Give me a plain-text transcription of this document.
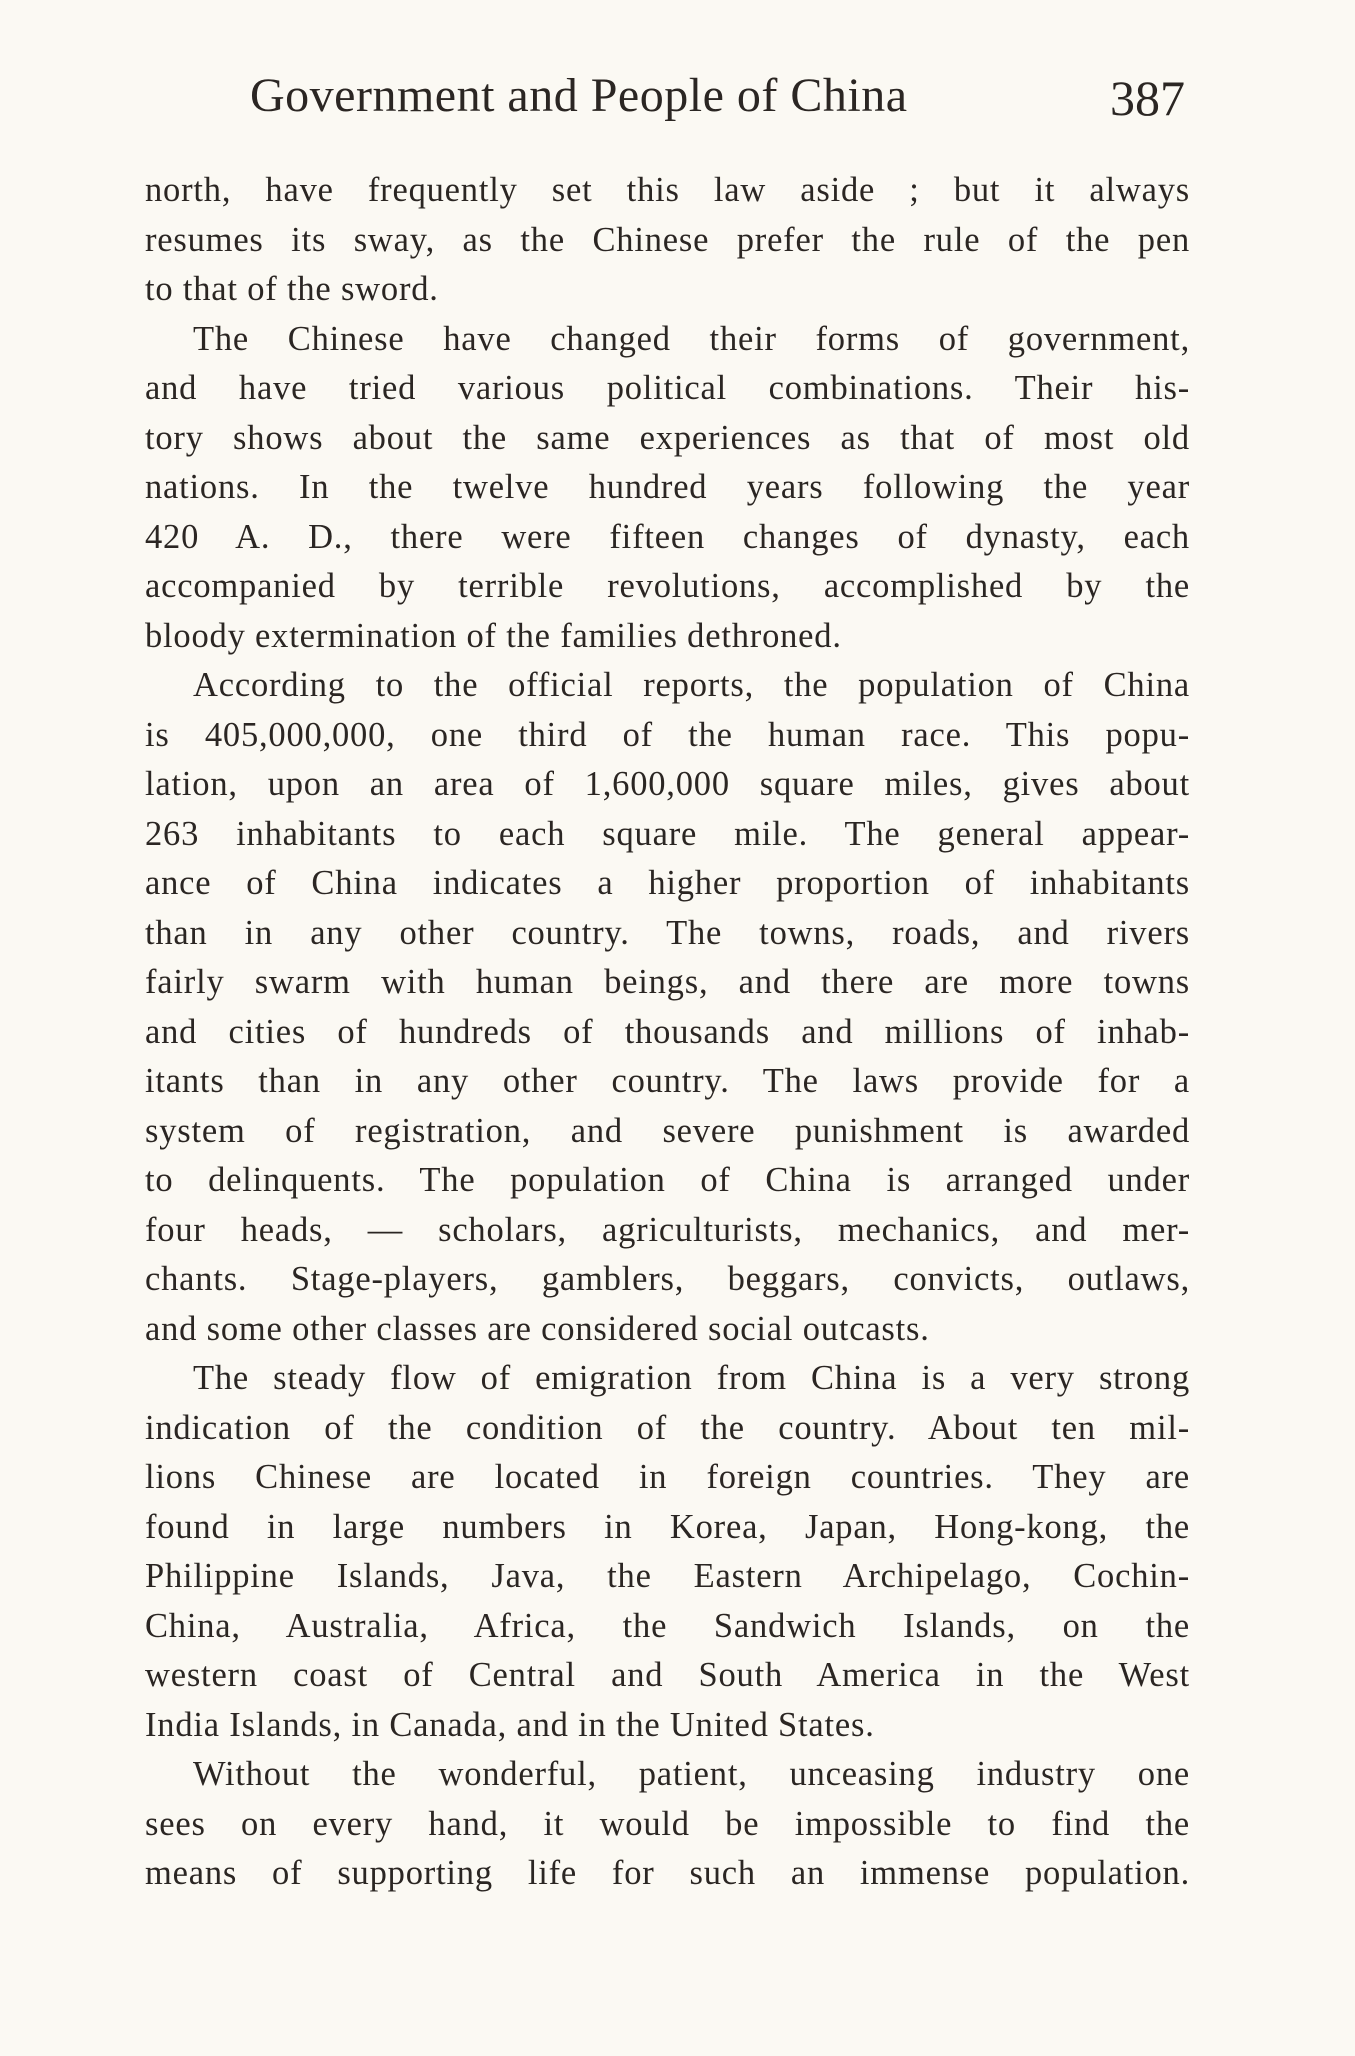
Government and People of China	387
north, have frequently set this law aside ; but it always
resumes its sway, as the Chinese prefer the rule of the pen
to that of the sword.
The Chinese have changed their forms of government,
and have tried various political combinations. Their his-
tory shows about the same experiences as that of most old
nations. In the twelve hundred years following the year
420 A. D., there were fifteen changes of dynasty, each
accompanied by terrible revolutions, accomplished by the
bloody extermination of the families dethroned.
According to the official reports, the population of China
is 405,000,000, one third of the human race. This popu-
lation, upon an area of 1,600,000 square miles, gives about
263 inhabitants to each square mile. The general appear-
ance of China indicates a higher proportion of inhabitants
than in any other country. The towns, roads, and rivers
fairly swarm with human beings, and there are more towns
and cities of hundreds of thousands and millions of inhab-
itants than in any other country. The laws provide for a
system of registration, and severe punishment is awarded
to delinquents. The population of China is arranged under
four heads, — scholars, agriculturists, mechanics, and mer-
chants. Stage-players, gamblers, beggars, convicts, outlaws,
and some other classes are considered social outcasts.
The steady flow of emigration from China is a very strong
indication of the condition of the country. About ten mil-
lions Chinese are located in foreign countries. They are
found in large numbers in Korea, Japan, Hong-kong, the
Philippine Islands, Java, the Eastern Archipelago, Cochin-
China, Australia, Africa, the Sandwich Islands, on the
western coast of Central and South America in the West
India Islands, in Canada, and in the United States.
Without the wonderful, patient, unceasing industry one
sees on every hand, it would be impossible to find the
means of supporting life for such an immense population.
